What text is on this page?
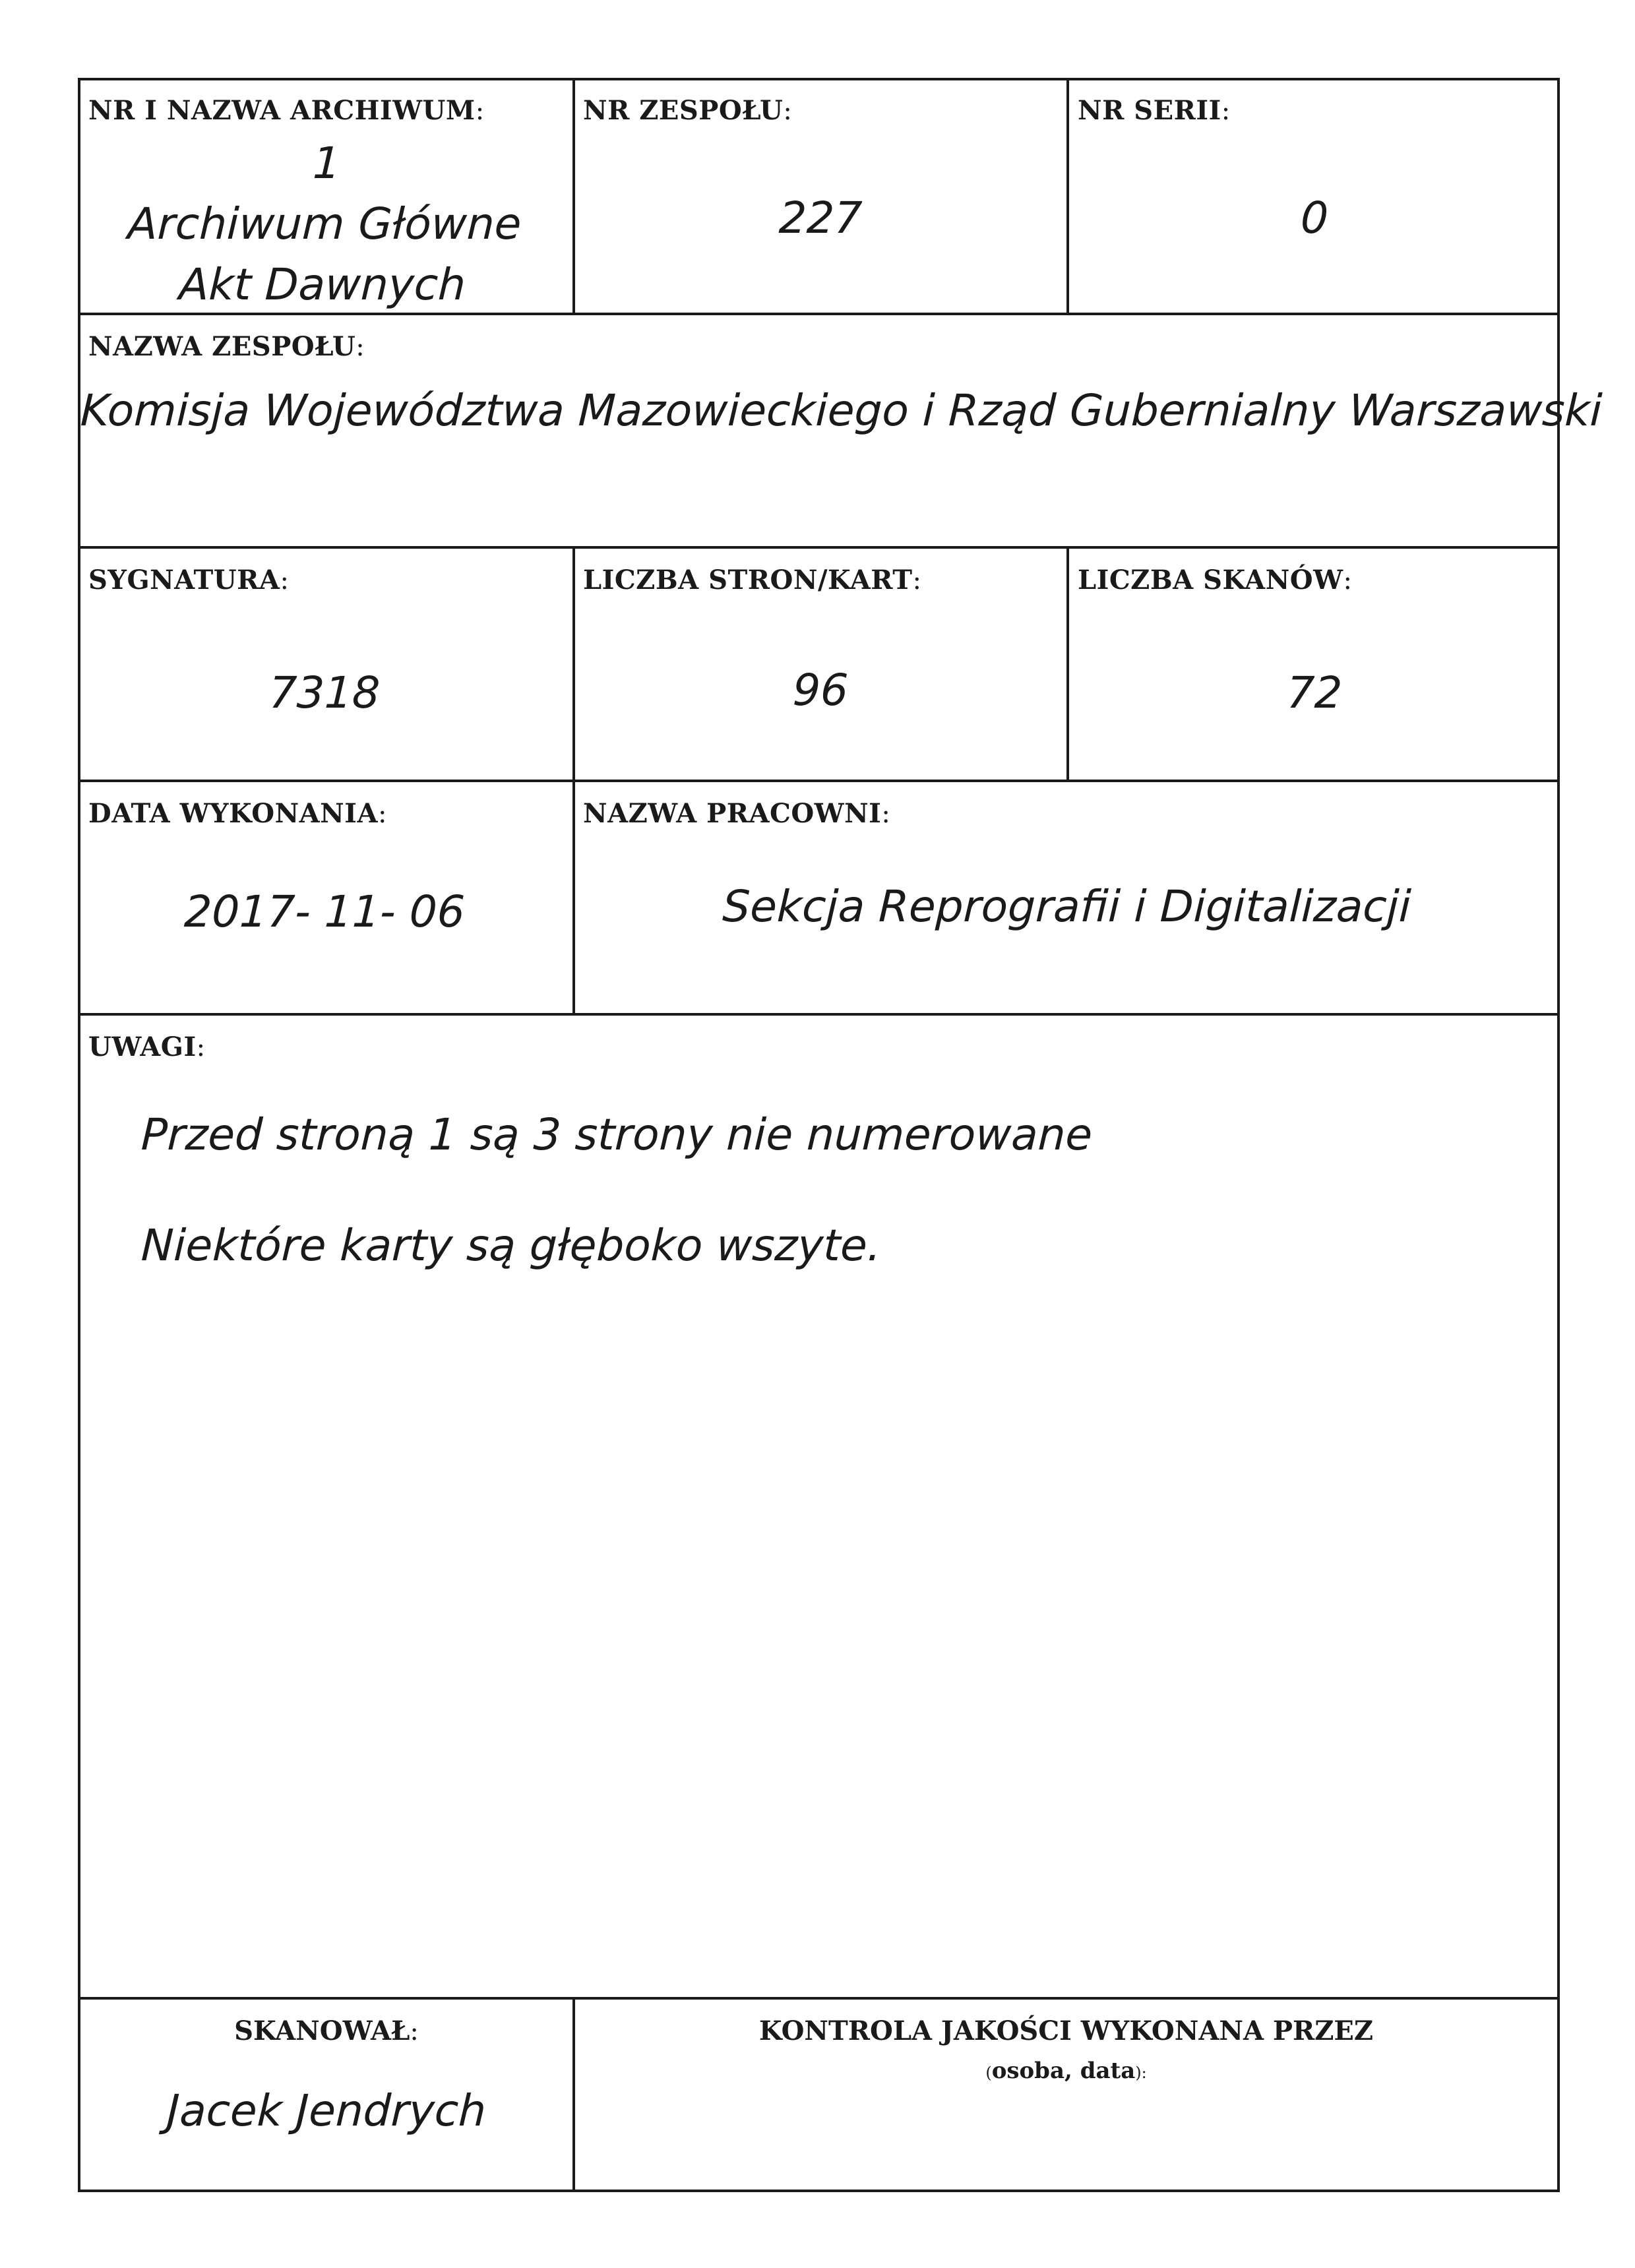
NR I NAZWA ARCHIWUM:
1
Archiwum Główne
Akt Dawnych
NR ZESPOŁU:
227
NR SERII:
0
NAZWA ZESPOŁU:
Komisja Województwa Mazowieckiego i Rząd Gubernialny Warszawski
SYGNATURA:
7318
LICZBA STRON/KART:
96
LICZBA SKANÓW:
72
DATA WYKONANIA:
2017- 11- 06
NAZWA PRACOWNI:
Sekcja Reprografii i Digitalizacji
UWAGI:
Przed stroną 1 są 3 strony nie numerowane
Niektóre karty są głęboko wszyte.
SKANOWAŁ:
Jacek Jendrych
KONTROLA JAKOŚCI WYKONANA PRZEZ
(osoba, data):
